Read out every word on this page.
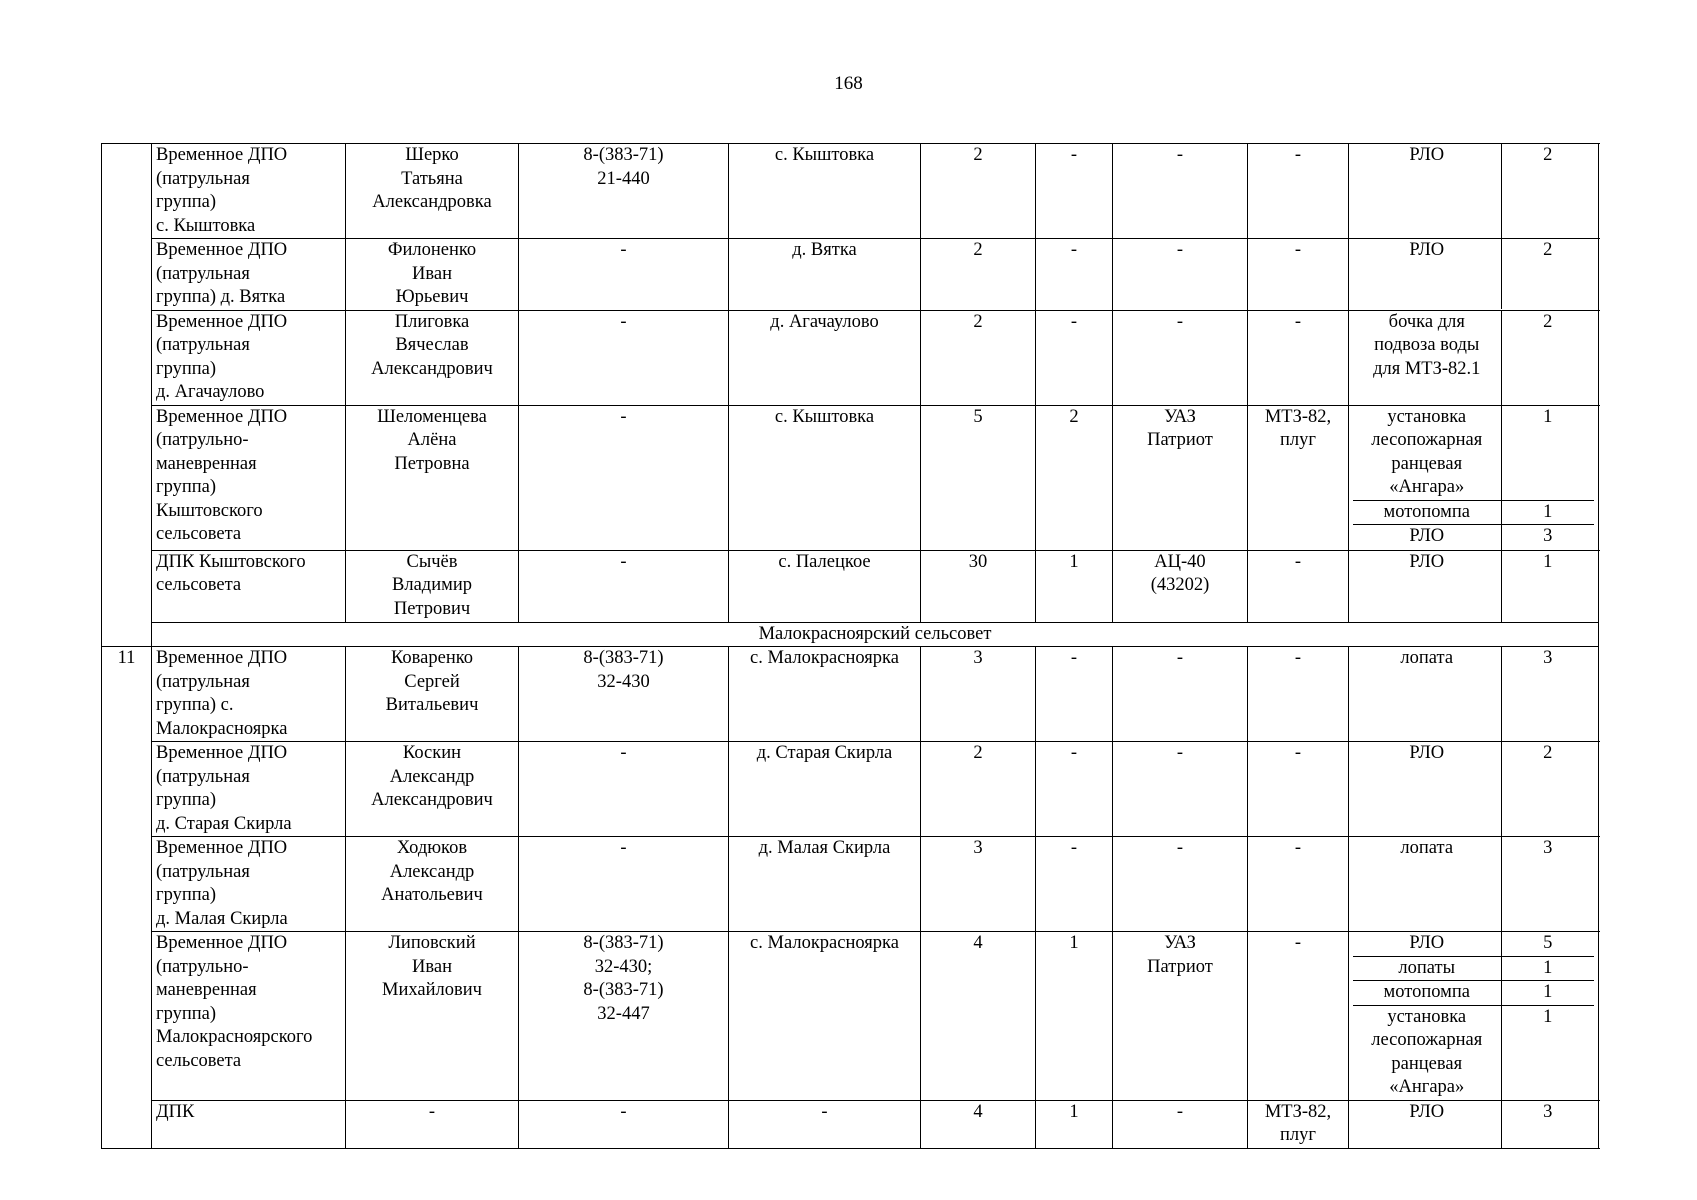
168
	Временное ДПО
(патрульная
группа)
с. Кыштовка	Шерко
Татьяна
Александровка	8-(383-71)
21-440	с. Кыштовка	2	-	-	-		РЛО	2

Временное ДПО
(патрульная
группа) д. Вятка	Филоненко
Иван
Юрьевич	-	д. Вятка	2	-	-	-		РЛО	2

Временное ДПО
(патрульная
группа)
д. Агачаулово	Плиговка
Вячеслав
Александрович	-	д. Агачаулово	2	-	-	-		бочка для
подвоза воды
для МТЗ-82.1	2

Временное ДПО
(патрульно-
маневренная
группа)
Кыштовского
сельсовета	Шеломенцева
Алёна
Петровна	-	с. Кыштовка	5	2	УАЗ
Патриот	МТЗ-82,
плуг	
установка
лесопожарная
ранцевая
«Ангара»	1
мотопомпа	1
РЛО	3

ДПК Кыштовского
сельсовета	Сычёв
Владимир
Петрович	-	с. Палецкое	30	1	АЦ-40
(43202)	-		РЛО	1

Малокрасноярский сельсовет
11	Временное ДПО
(патрульная
группа) с.
Малокрасноярка	Коваренко
Сергей
Витальевич	8-(383-71)
32-430	с. Малокрасноярка	3	-	-	-		лопата	3

Временное ДПО
(патрульная
группа)
д. Старая Скирла	Коскин
Александр
Александрович	-	д. Старая Скирла	2	-	-	-		РЛО	2

Временное ДПО
(патрульная
группа)
д. Малая Скирла	Ходюков
Александр
Анатольевич	-	д. Малая Скирла	3	-	-	-		лопата	3

Временное ДПО
(патрульно-
маневренная
группа)
Малокрасноярского
сельсовета	Липовский
Иван
Михайлович	8-(383-71)
32-430;
8-(383-71)
32-447	с. Малокрасноярка	4	1	УАЗ
Патриот	-		РЛО	5
лопаты	1
мотопомпа	1
установка
лесопожарная
ранцевая
«Ангара»	1

ДПК	-	-	-	4	1	-	МТЗ-82,
плуг	
РЛО	3
